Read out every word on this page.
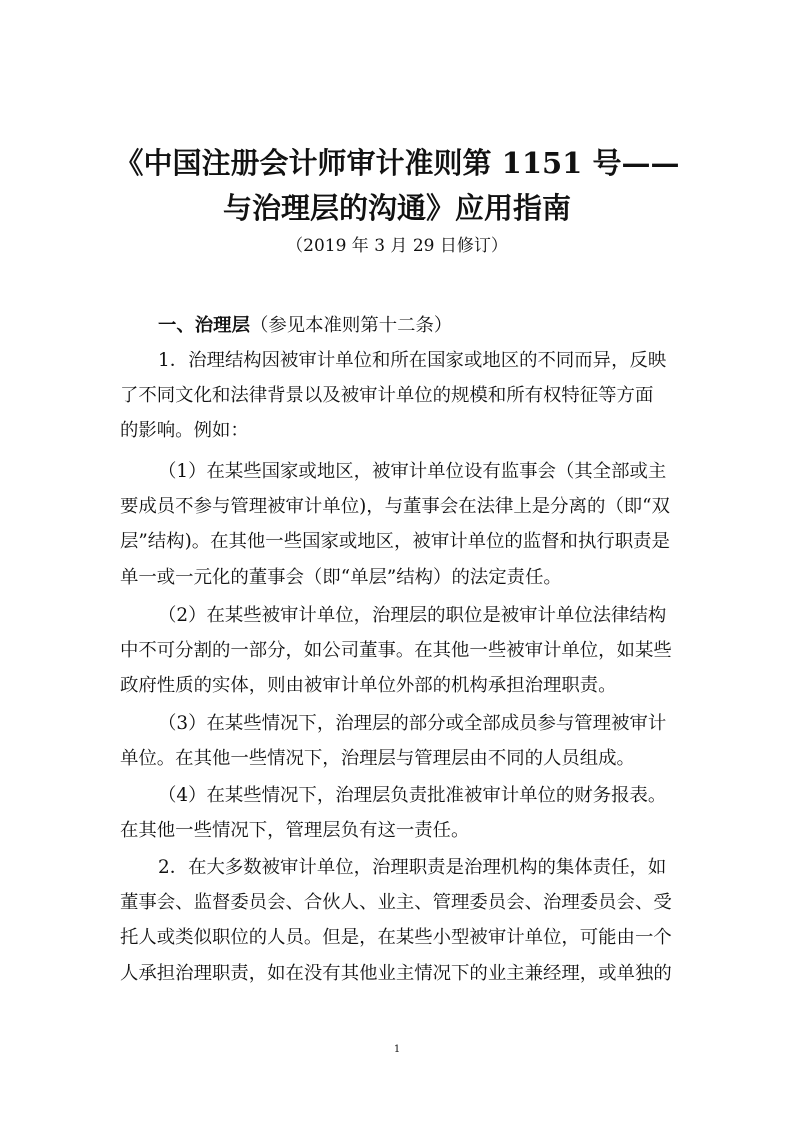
《中国注册会计师审计准则第 1151 号——
与治理层的沟通》应用指南
（2019 年 3 月 29 日修订）
一、治理层（参见本准则第十二条）
1．治理结构因被审计单位和所在国家或地区的不同而异，反映
了不同文化和法律背景以及被审计单位的规模和所有权特征等方面
的影响。例如：
（1）在某些国家或地区，被审计单位设有监事会（其全部或主
要成员不参与管理被审计单位)，与董事会在法律上是分离的（即“双
层”结构)。在其他一些国家或地区，被审计单位的监督和执行职责是
单一或一元化的董事会（即“单层”结构）的法定责任。
（2）在某些被审计单位，治理层的职位是被审计单位法律结构
中不可分割的一部分，如公司董事。在其他一些被审计单位，如某些
政府性质的实体，则由被审计单位外部的机构承担治理职责。
（3）在某些情况下，治理层的部分或全部成员参与管理被审计
单位。在其他一些情况下，治理层与管理层由不同的人员组成。
（4）在某些情况下，治理层负责批准被审计单位的财务报表。
在其他一些情况下，管理层负有这一责任。
2．在大多数被审计单位，治理职责是治理机构的集体责任，如
董事会、监督委员会、合伙人、业主、管理委员会、治理委员会、受
托人或类似职位的人员。但是，在某些小型被审计单位，可能由一个
人承担治理职责，如在没有其他业主情况下的业主兼经理，或单独的
1
